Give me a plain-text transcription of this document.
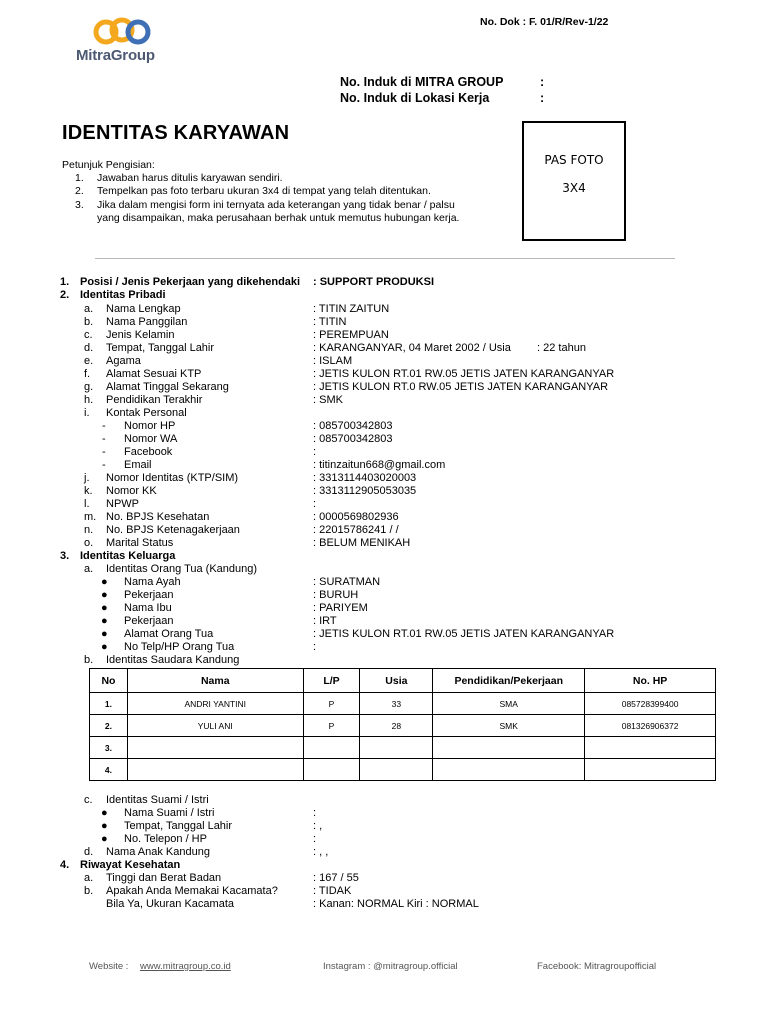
MitraGroup
No. Dok : F. 01/R/Rev-1/22
No. Induk di MITRA GROUP	:
No. Induk di Lokasi Kerja	:
IDENTITAS KARYAWAN
PAS FOTO
3X4
Petunjuk Pengisian:
1. Jawaban harus ditulis karyawan sendiri.
2. Tempelkan pas foto terbaru ukuran 3x4 di tempat yang telah ditentukan.
3. Jika dalam mengisi form ini ternyata ada keterangan yang tidak benar / palsu
yang disampaikan, maka perusahaan berhak untuk memutus hubungan kerja.
1. Posisi / Jenis Pekerjaan yang dikehendaki : SUPPORT PRODUKSI
2. Identitas Pribadi
a. Nama Lengkap	: TITIN ZAITUN
b. Nama Panggilan	: TITIN
c. Jenis Kelamin	: PEREMPUAN
d. Tempat, Tanggal Lahir	: KARANGANYAR, 04 Maret 2002 / Usia : 22 tahun
e. Agama	: ISLAM
f. Alamat Sesuai KTP	: JETIS KULON RT.01 RW.05 JETIS JATEN KARANGANYAR
g. Alamat Tinggal Sekarang	: JETIS KULON RT.0 RW.05 JETIS JATEN KARANGANYAR
h. Pendidikan Terakhir	: SMK
i. Kontak Personal
- Nomor HP	: 085700342803
- Nomor WA	: 085700342803
- Facebook	:
- Email	: titinzaitun668@gmail.com
j. Nomor Identitas (KTP/SIM)	: 3313114403020003
k. Nomor KK	: 3313112905053035
l. NPWP	:
m. No. BPJS Kesehatan	: 0000569802936
n. No. BPJS Ketenagakerjaan	: 22015786241 / /
o. Marital Status	: BELUM MENIKAH
3. Identitas Keluarga
a. Identitas Orang Tua (Kandung)
● Nama Ayah	: SURATMAN
● Pekerjaan	: BURUH
● Nama Ibu	: PARIYEM
● Pekerjaan	: IRT
● Alamat Orang Tua	: JETIS KULON RT.01 RW.05 JETIS JATEN KARANGANYAR
● No Telp/HP Orang Tua	:
b. Identitas Saudara Kandung
c. Identitas Suami / Istri
● Nama Suami / Istri	:
● Tempat, Tanggal Lahir	: ,
● No. Telepon / HP	:
d. Nama Anak Kandung	: , ,
4. Riwayat Kesehatan
a. Tinggi dan Berat Badan	: 167 / 55
b. Apakah Anda Memakai Kacamata?	: TIDAK
Bila Ya, Ukuran Kacamata	: Kanan: NORMAL Kiri : NORMAL
No	Nama	L/P	Usia	Pendidikan/Pekerjaan	No. HP
1.	ANDRI YANTINI	P	33	SMA	085728399400
2.	YULI ANI	P	28	SMK	081326906372
3.					
4.					
Website : www.mitragroup.co.id	Instagram : @mitragroup.official	Facebook: Mitragroupofficial
